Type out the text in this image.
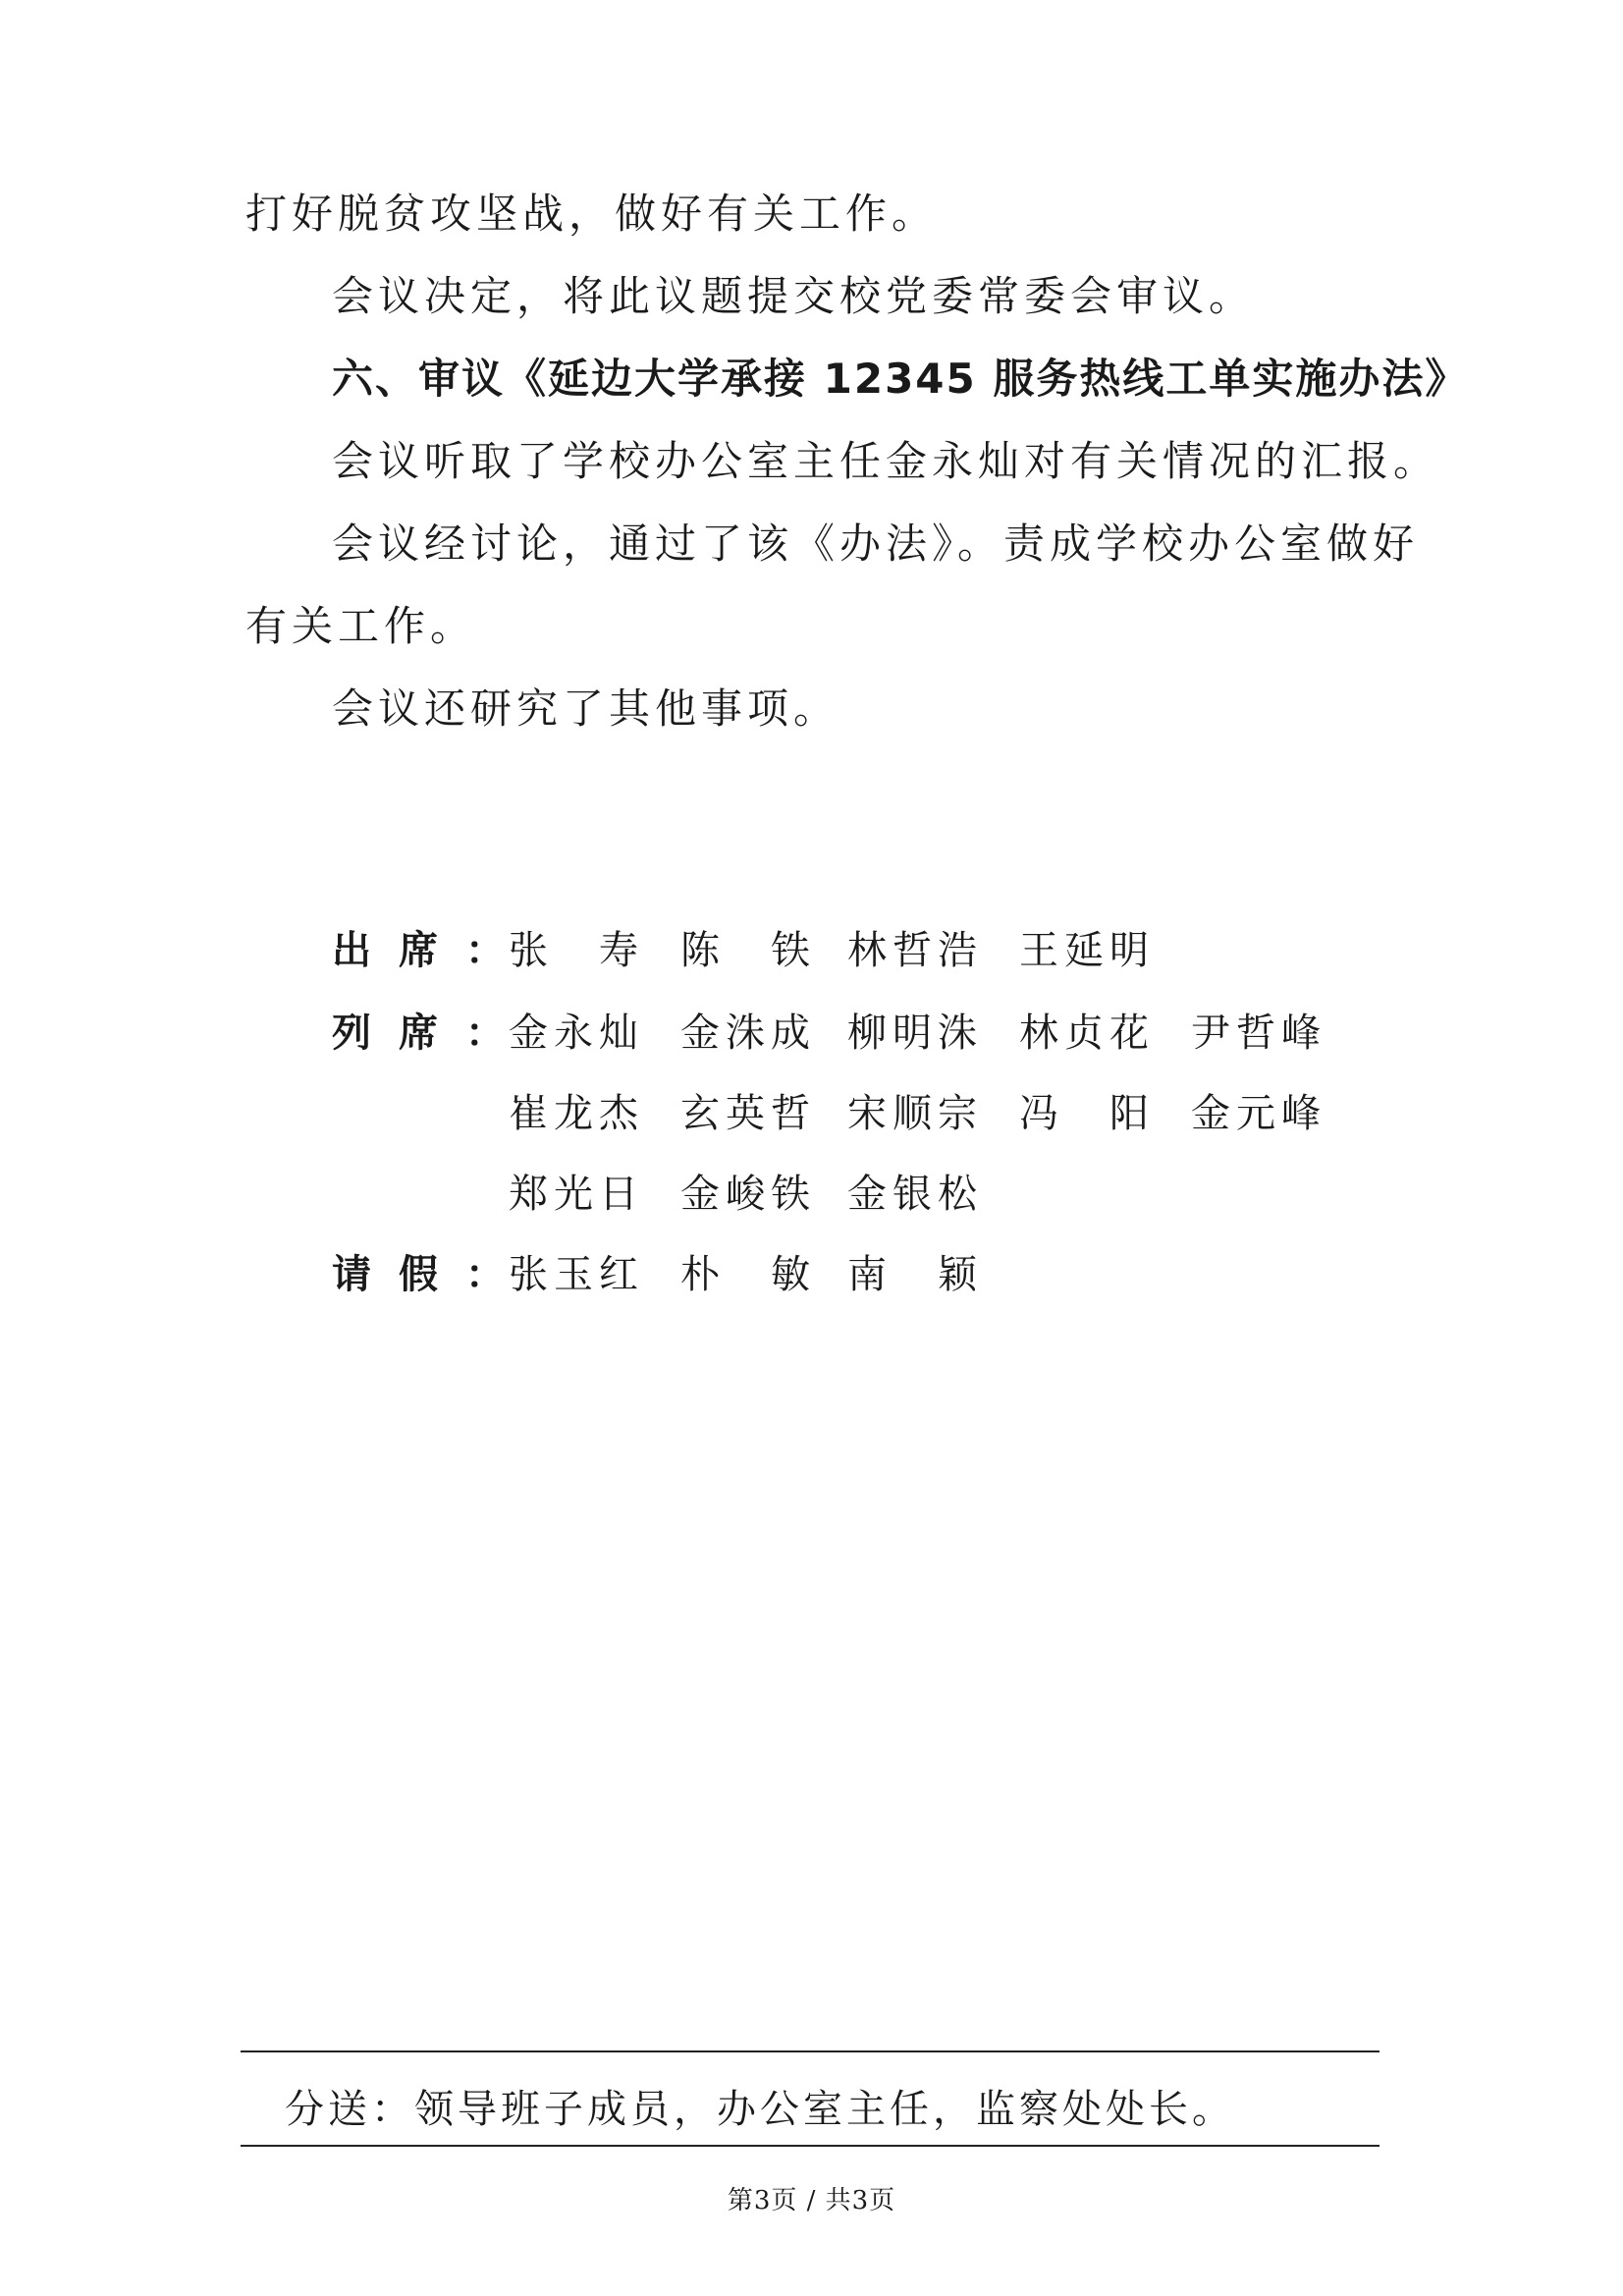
打好脱贫攻坚战，做好有关工作。
会议决定，将此议题提交校党委常委会审议。
六、审议《延边大学承接 12345 服务热线工单实施办法》
会议听取了学校办公室主任金永灿对有关情况的汇报。
会议经讨论，通过了该《办法》。责成学校办公室做好
有关工作。
会议还研究了其他事项。
出席：
张　寿 陈　铁 林哲浩 王延明
列席：
金永灿 金洙成 柳明洙 林贞花 尹哲峰
崔龙杰 玄英哲 宋顺宗 冯　阳 金元峰
郑光日 金峻铁 金银松
请假：
张玉红 朴　敏 南　颖
分送：领导班子成员，办公室主任，监察处处长。
第3页 / 共3页
